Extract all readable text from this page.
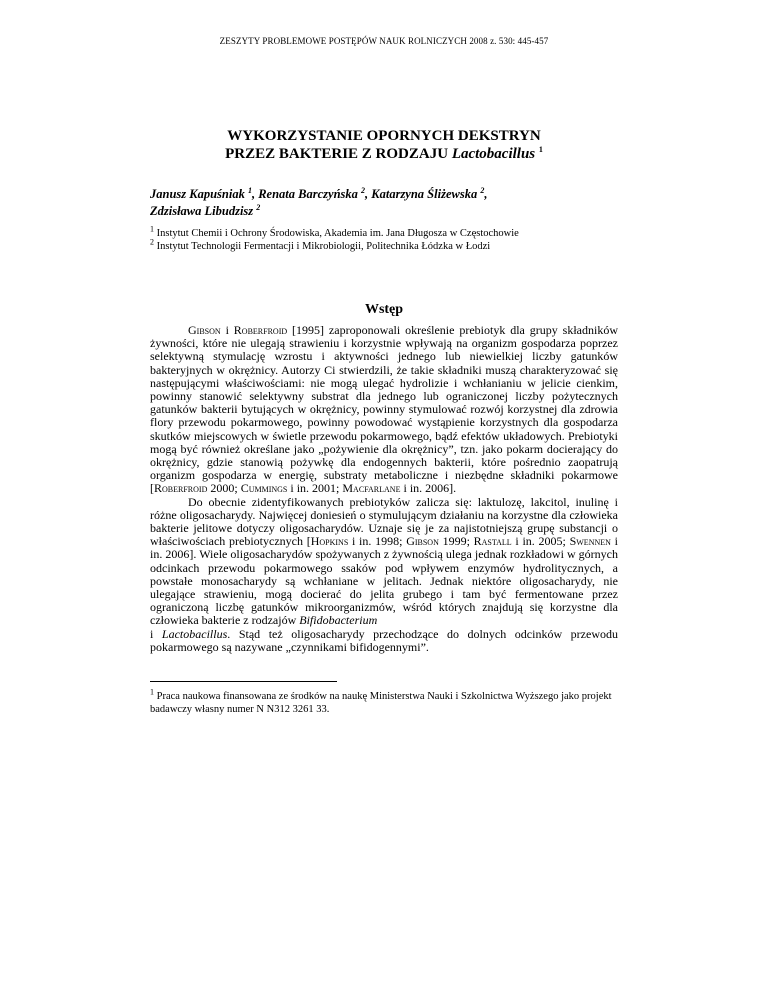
ZESZYTY PROBLEMOWE POSTĘPÓW NAUK ROLNICZYCH 2008 z. 530: 445-457
WYKORZYSTANIE OPORNYCH DEKSTRYN
PRZEZ BAKTERIE Z RODZAJU Lactobacillus $^1$
Janusz Kapuśniak $^1$, Renata Barczyńska $^2$, Katarzyna Śliżewska $^2$,
Zdzisława Libudzisz $^2$
$^1$ Instytut Chemii i Ochrony Środowiska, Akademia im. Jana Długosza w Częstochowie
$^2$ Instytut Technologii Fermentacji i Mikrobiologii, Politechnika Łódzka w Łodzi
Wstęp

Gibson i Roberfroid [1995] zaproponowali określenie prebiotyk dla grupy składników żywności, które nie ulegają strawieniu i korzystnie wpływają na organizm gospodarza poprzez selektywną stymulację wzrostu i aktywności jednego lub niewielkiej liczby gatunków bakteryjnych w okrężnicy. Autorzy Ci stwierdzili, że takie składniki muszą charakteryzować się następującymi właściwościami: nie mogą ulegać hydrolizie i wchłanianiu w jelicie cienkim, powinny stanowić selektywny substrat dla jednego lub ograniczonej liczby pożytecznych gatunków bakterii bytujących w okrężnicy, powinny stymulować rozwój korzystnej dla zdrowia flory przewodu pokarmowego, powinny powodować wystąpienie korzystnych dla gospodarza skutków miejscowych w świetle przewodu pokarmowego, bądź efektów układowych. Prebiotyki mogą być również określane jako „pożywienie dla okrężnicy”, tzn. jako pokarm docierający do okrężnicy, gdzie stanowią pożywkę dla endogennych bakterii, które pośrednio zaopatrują organizm gospodarza w energię, substraty metaboliczne i niezbędne składniki pokarmowe [Roberfroid 2000; Cummings i in. 2001; Macfarlane i in. 2006].

Do obecnie zidentyfikowanych prebiotyków zalicza się: laktulozę, lakcitol, inulinę i różne oligosacharydy. Najwięcej doniesień o stymulującym działaniu na korzystne dla człowieka bakterie jelitowe dotyczy oligosacharydów. Uznaje się je za najistotniejszą grupę substancji o właściwościach prebiotycznych [Hopkins i in. 1998; Gibson 1999; Rastall i in. 2005; Swennen i in. 2006]. Wiele oligosacharydów spożywanych z żywnością ulega jednak rozkładowi w górnych odcinkach przewodu pokarmowego ssaków pod wpływem enzymów hydrolitycznych, a powstałe monosacharydy są wchłaniane w jelitach. Jednak niektóre oligosacharydy, nie ulegające strawieniu, mogą docierać do jelita grubego i tam być fermentowane przez ograniczoną liczbę gatunków mikroorganizmów, wśród których znajdują się korzystne dla człowieka bakterie z rodzajów Bifidobacterium
i Lactobacillus. Stąd też oligosacharydy przechodzące do dolnych odcinków przewodu pokarmowego są nazywane „czynnikami bifidogennymi”.

$^1$ Praca naukowa finansowana ze środków na naukę Ministerstwa Nauki i Szkolnictwa Wyższego jako projekt badawczy własny numer N N312 3261 33.
